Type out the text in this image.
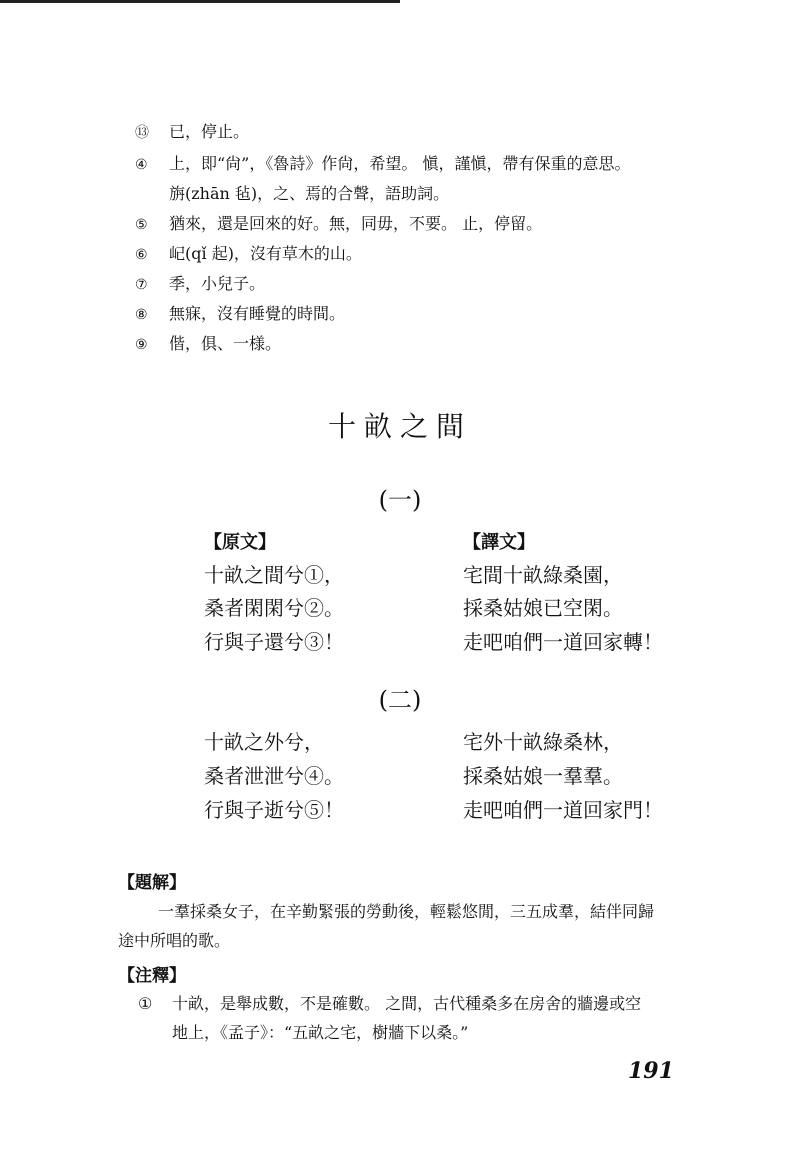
⑬ 已，停止。
④ 上，即“尙”，《魯詩》作尙，希望。 愼，謹愼，帶有保重的意思。
旃(zhān 毡)，之、焉的合聲，語助詞。
⑤ 猶來，還是回來的好。無，同毋，不要。 止，停留。
⑥ 屺(qǐ 起)，沒有草木的山。
⑦ 季，小兒子。
⑧ 無寐，沒有睡覺的時間。
⑨ 偕，俱、一様。
十畝之間
(一)
【原文】	【譯文】
十畝之間兮①，
桑者閑閑兮②。
行與子還兮③！
宅間十畝綠桑園，
採桑姑娘已空閑。
走吧咱們一道回家轉！
(二)
十畝之外兮，
桑者泄泄兮④。
行與子逝兮⑤！
宅外十畝綠桑林，
採桑姑娘一羣羣。
走吧咱們一道回家門！
【題解】
一羣採桑女子，在辛勤緊張的勞動後，輕鬆悠閒，三五成羣，結伴同歸
途中所唱的歌。
【注釋】
① 十畝，是舉成數，不是確數。 之間，古代種桑多在房舍的牆邊或空
地上，《孟子》：“五畝之宅，樹牆下以桑。”
191
